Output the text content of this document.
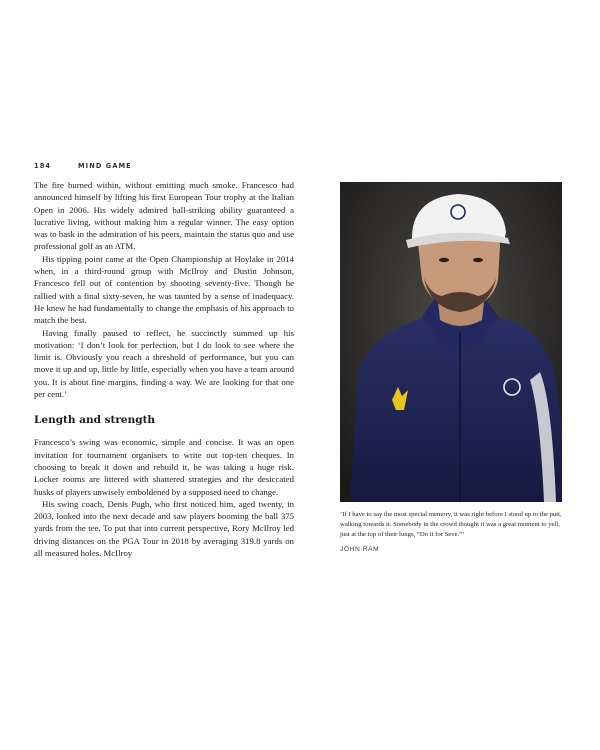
184	MIND GAME

The fire burned within, without emitting much smoke. Francesco had announced himself by lifting his first European Tour trophy at the Italian Open in 2006. His widely admired ball-striking ability guaranteed a lucrative living, without making him a regular winner. The easy option was to bask in the admiration of his peers, maintain the status quo and use professional golf as an ATM.

His tipping point came at the Open Championship at Hoylake in 2014 when, in a third-round group with McIlroy and Dustin Johnson, Francesco fell out of contention by shooting seventy-five. Though he rallied with a final sixty-seven, he was taunted by a sense of inadequacy. He knew he had fundamentally to change the emphasis of his approach to match the best.

Having finally paused to reflect, he succinctly summed up his motivation: ‘I don’t look for perfection, but I do look to see where the limit is. Obviously you reach a threshold of performance, but you can move it up and up, little by little, especially when you have a team around you. It is about fine margins, finding a way. We are looking for that one per cent.’

Length and strength

Francesco’s swing was economic, simple and concise. It was an open invitation for tournament organisers to write out top-ten cheques. In choosing to break it down and rebuild it, he was taking a huge risk. Locker rooms are littered with shattered strategies and the desiccated husks of players unwisely emboldened by a supposed need to change.

His swing coach, Denis Pugh, who first noticed him, aged twenty, in 2003, looked into the next decade and saw players booming the ball 375 yards from the tee. To put that into current perspective, Rory McIlroy led driving distances on the PGA Tour in 2018 by averaging 319.8 yards on all measured holes. McIlroy

‘If I have to say the most special memory, it was right before I stood up to the putt, walking towards it. Somebody in the crowd thought it was a great moment to yell, just at the top of their lungs, “Do it for Seve.”’
JOHN RAM
